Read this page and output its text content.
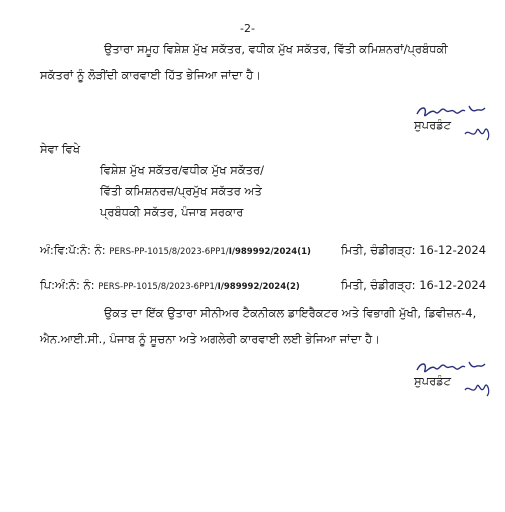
-2-
ਉਤਾਰਾ ਸਮੂਹ ਵਿਸ਼ੇਸ਼ ਮੁੱਖ ਸਕੱਤਰ, ਵਧੀਕ ਮੁੱਖ ਸਕੱਤਰ, ਵਿੱਤੀ ਕਮਿਸ਼ਨਰਾਂ/ਪ੍ਰਬੰਧਕੀ
ਸਕੱਤਰਾਂ ਨੂੰ ਲੋੜੀਂਦੀ ਕਾਰਵਾਈ ਹਿੱਤ ਭੇਜਿਆ ਜਾਂਦਾ ਹੈ।
ਸੁਪਰਡੰਟ
ਸੇਵਾ ਵਿਖੇ
ਵਿਸ਼ੇਸ਼ ਮੁੱਖ ਸਕੱਤਰ/ਵਧੀਕ ਮੁੱਖ ਸਕੱਤਰ/
ਵਿੱਤੀ ਕਮਿਸ਼ਨਰਜ਼/ਪ੍ਰਮੁੱਖ ਸਕੱਤਰ ਅਤੇ
ਪ੍ਰਬੰਧਕੀ ਸਕੱਤਰ, ਪੰਜਾਬ ਸਰਕਾਰ
ਅੰ:ਵਿ:ਪੱ:ਨੰ: ਨੰ: PERS-PP-1015/8/2023-6PP1/I/989992/2024(1)	ਮਿਤੀ, ਚੰਡੀਗੜ੍ਹ: 16-12-2024
ਪਿ:ਅੰ:ਨੰ: ਨੰ: PERS-PP-1015/8/2023-6PP1/I/989992/2024(2)	ਮਿਤੀ, ਚੰਡੀਗੜ੍ਹ: 16-12-2024
ਉਕਤ ਦਾ ਇੱਕ ਉਤਾਰਾ ਸੀਨੀਅਰ ਟੈਕਨੀਕਲ ਡਾਇਰੈਕਟਰ ਅਤੇ ਵਿਭਾਗੀ ਮੁੱਖੀ, ਡਿਵੀਜ਼ਨ-4,
ਐਨ.ਆਈ.ਸੀ., ਪੰਜਾਬ ਨੂੰ ਸੂਚਨਾ ਅਤੇ ਅਗਲੇਰੀ ਕਾਰਵਾਈ ਲਈ ਭੇਜਿਆ ਜਾਂਦਾ ਹੈ।
ਸੁਪਰਡੰਟ
